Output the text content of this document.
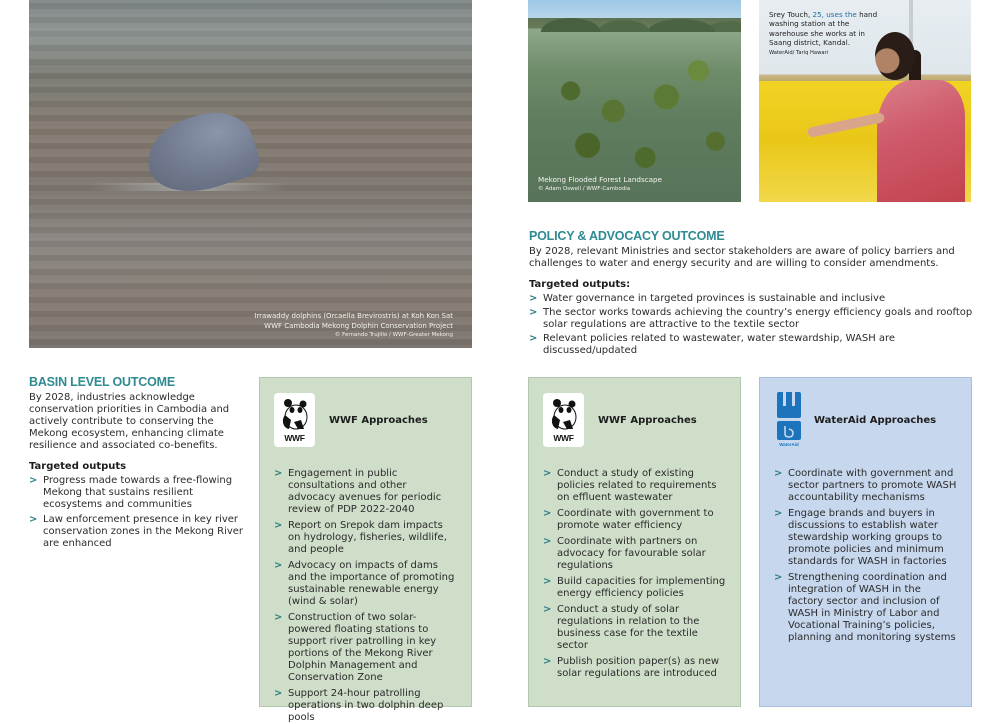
Irrawaddy dolphins (Orcaella Brevirostris) at Koh Kon Sat
WWF Cambodia Mekong Dolphin Conservation Project
© Fernando Trujillo / WWF-Greater Mekong
Mekong Flooded Forest Landscape
© Adam Oswell / WWF-Cambodia
Srey Touch, 25, uses the hand washing station at the warehouse she works at in Saang district, Kandal.
WaterAid/ Tariq Hawari
POLICY & ADVOCACY OUTCOME

By 2028, relevant Ministries and sector stakeholders are aware of policy barriers and challenges to water and energy security and are willing to consider amendments.

Targeted outputs:
> Water governance in targeted provinces is sustainable and inclusive
> The sector works towards achieving the country’s energy efficiency goals and rooftop solar regulations are attractive to the textile sector
> Relevant policies related to wastewater, water stewardship, WASH are discussed/updated
BASIN LEVEL OUTCOME

By 2028, industries acknowledge conservation priorities in Cambodia and actively contribute to conserving the Mekong ecosystem, enhancing climate resilience and associated co-benefits.

Targeted outputs
> Progress made towards a free-flowing Mekong that sustains resilient ecosystems and communities
> Law enforcement presence in key river conservation zones in the Mekong River are enhanced
WWF
WWF Approaches
> Engagement in public consultations and other advocacy avenues for periodic review of PDP 2022-2040
> Report on Srepok dam impacts on hydrology, fisheries, wildlife, and people
> Advocacy on impacts of dams and the importance of promoting sustainable renewable energy (wind & solar)
> Construction of two solar-powered floating stations to support river patrolling in key portions of the Mekong River Dolphin Management and Conservation Zone
> Support 24-hour patrolling operations in two dolphin deep pools
WWF
WWF Approaches
> Conduct a study of existing policies related to requirements on effluent wastewater
> Coordinate with government to promote water efficiency
> Coordinate with partners on advocacy for favourable solar regulations
> Build capacities for implementing energy efficiency policies
> Conduct a study of solar regulations in relation to the business case for the textile sector
> Publish position paper(s) as new solar regulations are introduced
WaterAid
WaterAid Approaches
> Coordinate with government and sector partners to promote WASH accountability mechanisms
> Engage brands and buyers in discussions to establish water stewardship working groups to promote policies and minimum standards for WASH in factories
> Strengthening coordination and integration of WASH in the factory sector and inclusion of WASH in Ministry of Labor and Vocational Training’s policies, planning and monitoring systems
